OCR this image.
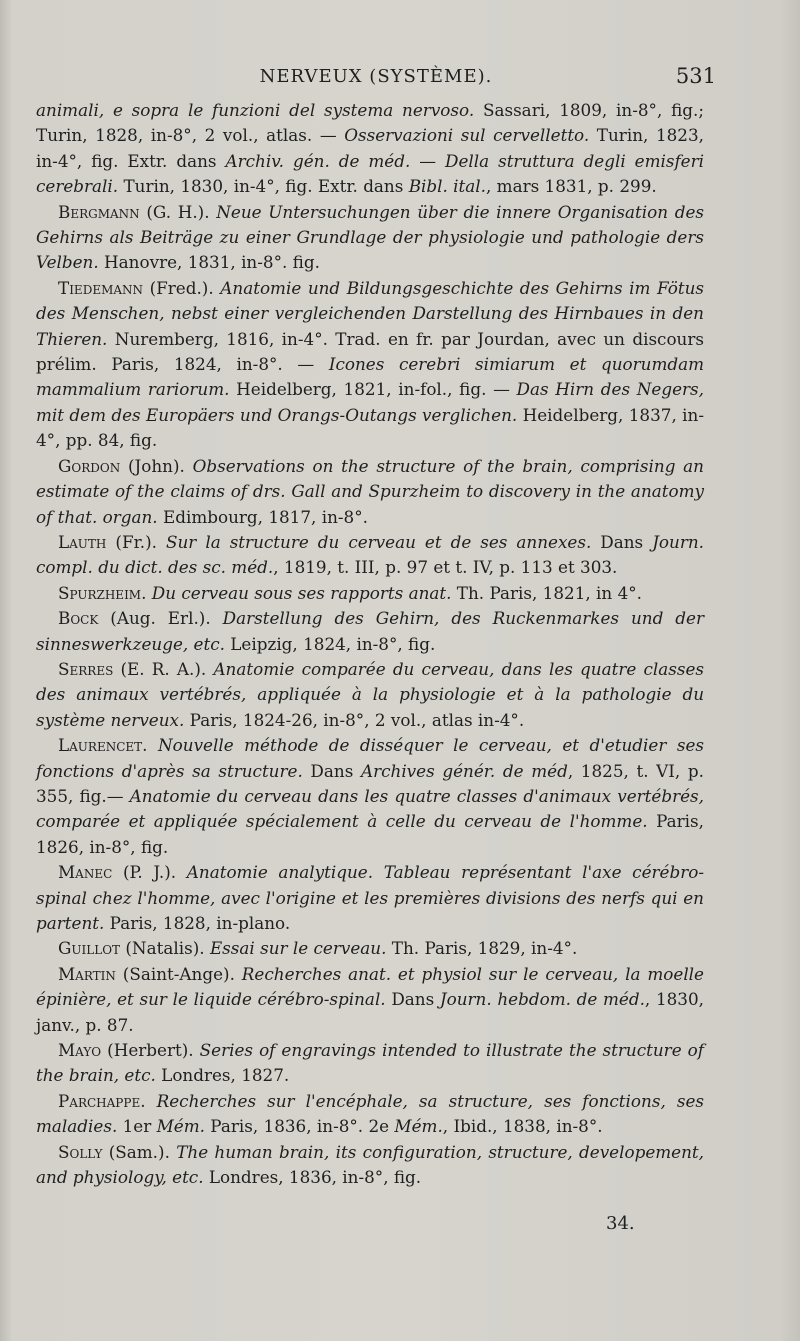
NERVEUX (SYSTÈME).	531

animali, e sopra le funzioni del systema nervoso. Sassari, 1809, in-8°, fig.; Turin, 1828, in-8°, 2 vol., atlas. — Osservazioni sul cervelletto. Turin, 1823, in-4°, fig. Extr. dans Archiv. gén. de méd. — Della struttura degli emisferi cerebrali. Turin, 1830, in-4°, fig. Extr. dans Bibl. ital., mars 1831, p. 299.

Bergmann (G. H.). Neue Untersuchungen über die innere Organisation des Gehirns als Beiträge zu einer Grundlage der physiologie und pathologie ders Velben. Hanovre, 1831, in-8°. fig.

Tiedemann (Fred.). Anatomie und Bildungsgeschichte des Gehirns im Fötus des Menschen, nebst einer vergleichenden Darstellung des Hirnbaues in den Thieren. Nuremberg, 1816, in-4°. Trad. en fr. par Jourdan, avec un discours prélim. Paris, 1824, in-8°. — Icones cerebri simiarum et quorumdam mammalium rariorum. Heidelberg, 1821, in-fol., fig. — Das Hirn des Negers, mit dem des Europäers und Orangs-Outangs verglichen. Heidelberg, 1837, in-4°, pp. 84, fig.

Gordon (John). Observations on the structure of the brain, comprising an estimate of the claims of drs. Gall and Spurzheim to discovery in the anatomy of that. organ. Edimbourg, 1817, in-8°.

Lauth (Fr.). Sur la structure du cerveau et de ses annexes. Dans Journ. compl. du dict. des sc. méd., 1819, t. III, p. 97 et t. IV, p. 113 et 303.

Spurzheim. Du cerveau sous ses rapports anat. Th. Paris, 1821, in 4°.

Bock (Aug. Erl.). Darstellung des Gehirn, des Ruckenmarkes und der sinneswerkzeuge, etc. Leipzig, 1824, in-8°, fig.

Serres (E. R. A.). Anatomie comparée du cerveau, dans les quatre classes des animaux vertébrés, appliquée à la physiologie et à la pathologie du système nerveux. Paris, 1824-26, in-8°, 2 vol., atlas in-4°.

Laurencet. Nouvelle méthode de disséquer le cerveau, et d'etudier ses fonctions d'après sa structure. Dans Archives génér. de méd, 1825, t. VI, p. 355, fig.— Anatomie du cerveau dans les quatre classes d'animaux vertébrés, comparée et appliquée spécialement à celle du cerveau de l'homme. Paris, 1826, in-8°, fig.

Manec (P. J.). Anatomie analytique. Tableau représentant l'axe cérébro-spinal chez l'homme, avec l'origine et les premières divisions des nerfs qui en partent. Paris, 1828, in-plano.

Guillot (Natalis). Essai sur le cerveau. Th. Paris, 1829, in-4°.

Martin (Saint-Ange). Recherches anat. et physiol sur le cerveau, la moelle épinière, et sur le liquide cérébro-spinal. Dans Journ. hebdom. de méd., 1830, janv., p. 87.

Mayo (Herbert). Series of engravings intended to illustrate the structure of the brain, etc. Londres, 1827.

Parchappe. Recherches sur l'encéphale, sa structure, ses fonctions, ses maladies. 1er Mém. Paris, 1836, in-8°. 2e Mém., Ibid., 1838, in-8°.

Solly (Sam.). The human brain, its configuration, structure, developement, and physiology, etc. Londres, 1836, in-8°, fig.

34.
